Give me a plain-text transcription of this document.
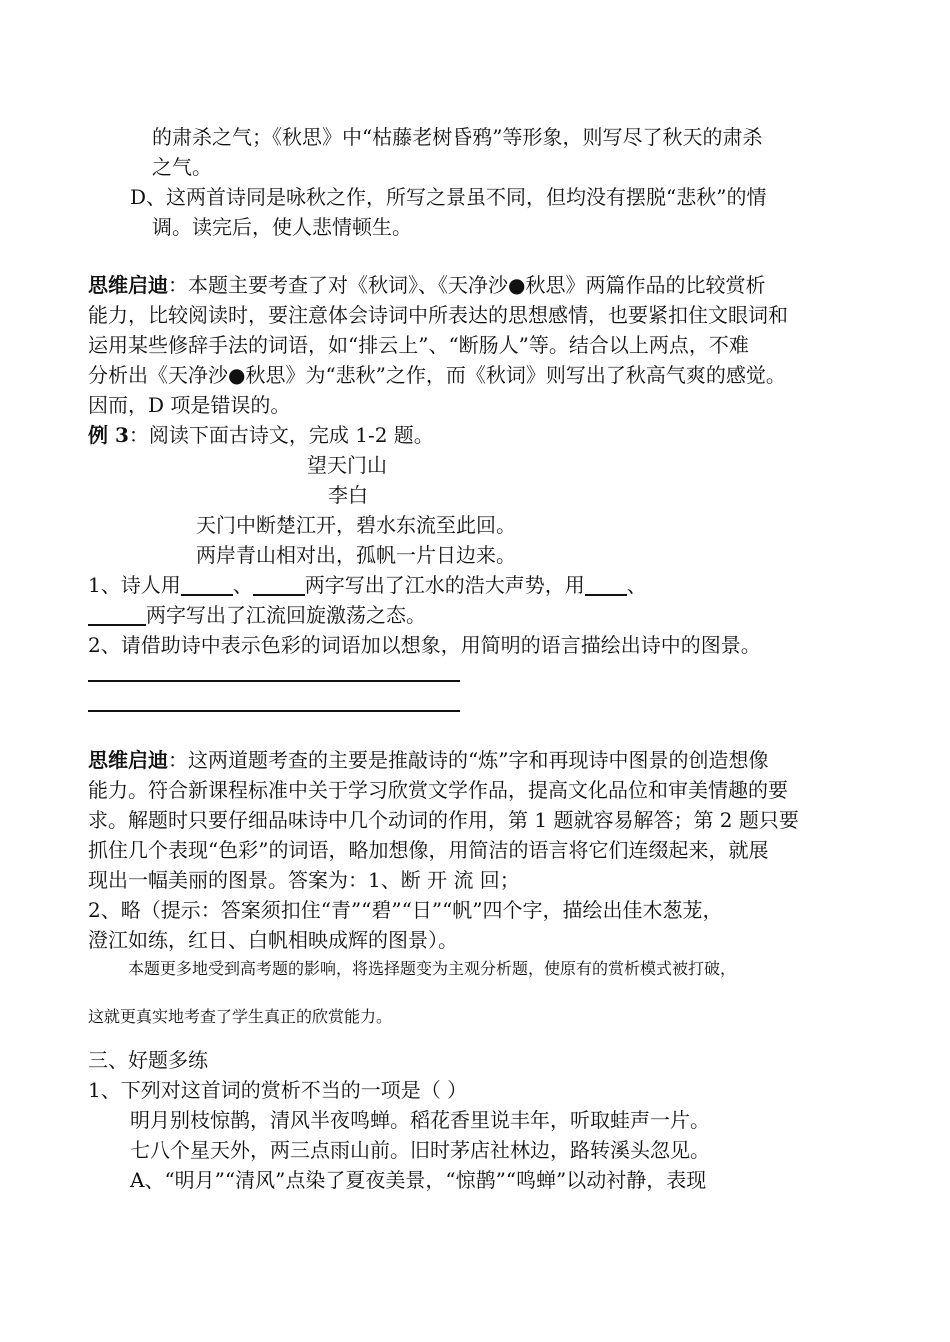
的肃杀之气；《秋思》中“枯藤老树昏鸦”等形象，则写尽了秋天的肃杀
之气。
D、这两首诗同是咏秋之作，所写之景虽不同，但均没有摆脱“悲秋”的情
调。读完后，使人悲情顿生。
思维启迪：本题主要考查了对《秋词》、《天净沙●秋思》两篇作品的比较赏析
能力，比较阅读时，要注意体会诗词中所表达的思想感情，也要紧扣住文眼词和
运用某些修辞手法的词语，如“排云上”、“断肠人”等。结合以上两点，不难
分析出《天净沙●秋思》为“悲秋”之作，而《秋词》则写出了秋高气爽的感觉。
因而，D 项是错误的。
例 3：阅读下面古诗文，完成 1-2 题。
望天门山
李白
天门中断楚江开，碧水东流至此回。
两岸青山相对出，孤帆一片日边来。
1、诗人用	、	两字写出了江水的浩大声势，用 、
两字写出了江流回旋激荡之态。
2、请借助诗中表示色彩的词语加以想象，用简明的语言描绘出诗中的图景。
思维启迪：这两道题考查的主要是推敲诗的“炼”字和再现诗中图景的创造想像
能力。符合新课程标准中关于学习欣赏文学作品，提高文化品位和审美情趣的要
求。解题时只要仔细品味诗中几个动词的作用，第 1 题就容易解答；第 2 题只要
抓住几个表现“色彩”的词语，略加想像，用简洁的语言将它们连缀起来，就展
现出一幅美丽的图景。答案为：1、断 开 流 回；
2、略（提示：答案须扣住“青”“碧”“日”“帆”四个字，描绘出佳木葱茏，
澄江如练，红日、白帆相映成辉的图景）。
本题更多地受到高考题的影响，将选择题变为主观分析题，使原有的赏析模式被打破，
这就更真实地考查了学生真正的欣赏能力。
三、好题多练
1、下列对这首词的赏析不当的一项是（ ）
明月别枝惊鹊，清风半夜鸣蝉。稻花香里说丰年，听取蛙声一片。
七八个星天外，两三点雨山前。旧时茅店社林边，路转溪头忽见。
A、“明月”“清风”点染了夏夜美景，“惊鹊”“鸣蝉”以动衬静，表现
